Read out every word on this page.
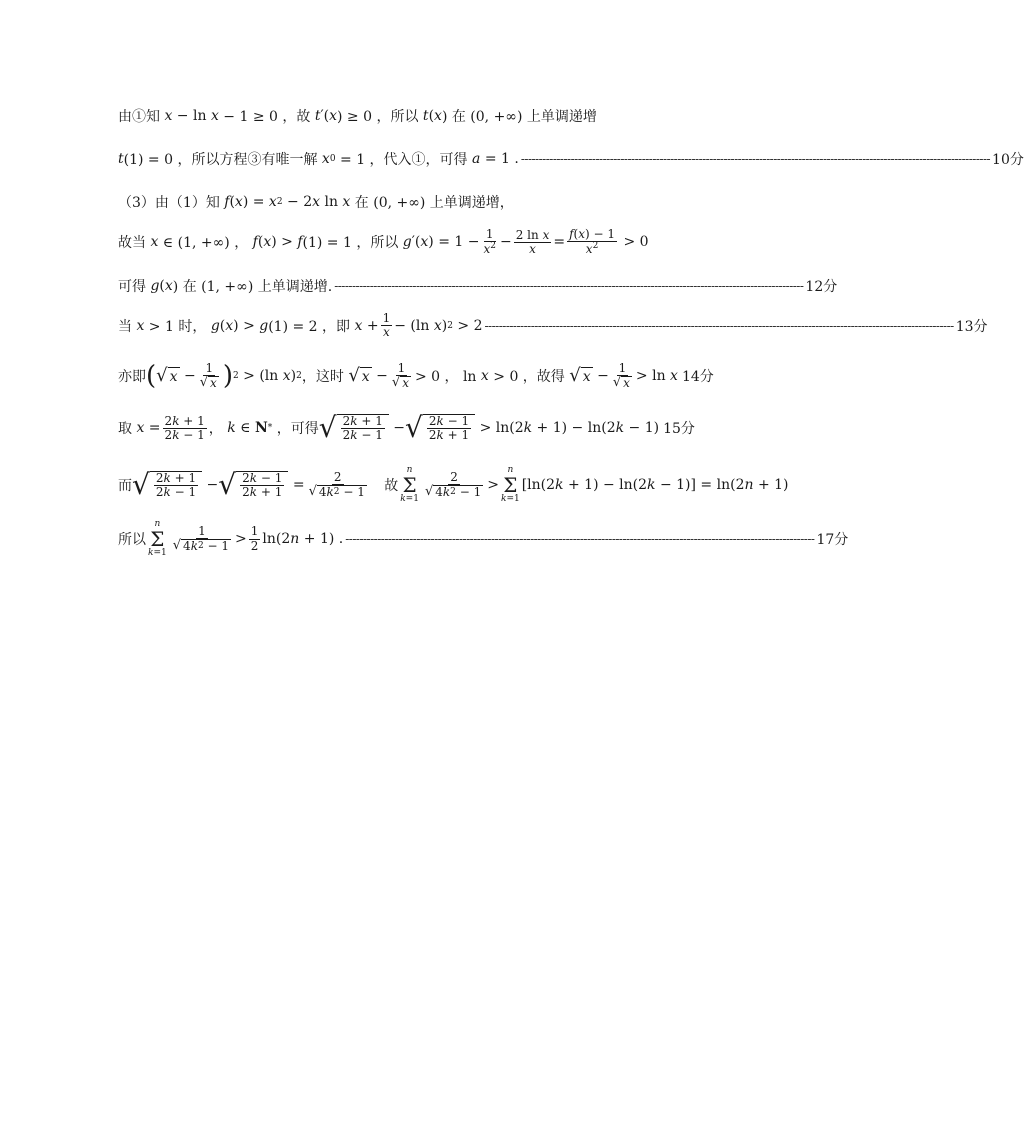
由①知 x − ln x − 1 ≥ 0 ，故 t ′( x ) ≥ 0 ，所以 t ( x ) 在 (0, +∞) 上单调递增
t (1) = 0 ，所以方程③有唯一解 x 0 = 1 ，代入①，可得 a = 1 . ------------------------------------------------------------------------------------------------------------------------------------ 10分
（3）由（1）知 f ( x ) = x 2 − 2 x ln x 在 (0, +∞) 上单调递增，
故当 x ∈ (1, +∞) ， f ( x ) > f (1) = 1 ，所以 g ′( x ) = $1 - \frac{1}{x^2} - \frac{\text{2 ln x}}{x} = \frac{f(x) - 1}{x^2} > 0$
可得 g ( x ) 在 (1, +∞) 上单调递增. ------------------------------------------------------------------------------------------------------------------------------------ 12分
当 x > 1 时， g ( x ) > g (1) = 2 ，即 $x + \frac{1}{x} - (\ln$ x ) 2 > 2 ------------------------------------------------------------------------------------------------------------------------------------ 13分
亦即 ( √ $x - \frac{1}{√ x}$ ) 2 > (ln x ) 2 ，这时 √ $x - \frac{1}{√ x} > 0$ ， ln x > 0 ，故得 √ $x - \frac{1}{√ x} > \ln x$ 14分
取 $x = \frac{2k + 1}{2k - 1}$ ， k ∈ N * ，可得 √ $\frac{2k + 1}{2k - 1}$ − √ $\frac{2k - 1}{2k + 1} > \ln(2$ k + 1) − ln(2 k − 1) 15分
而 √ $\frac{2k + 1}{2k - 1}$ − √ $\frac{2k - 1}{2k + 1} = \frac{2}{√ 4 k 2 - 1}$ 故
n
Σ
$k=1 \frac{2}{√ 4 k 2 - 1}$ >
n
Σ
k=1
[ln(2 k + 1) − ln(2 k − 1)] = ln(2 n + 1)
所以
n
Σ
$k=1 \frac{1}{√ 4 k 2 - 1} > \frac{1}{2} \ln(2$ n + 1) . ------------------------------------------------------------------------------------------------------------------------------------ 17分
